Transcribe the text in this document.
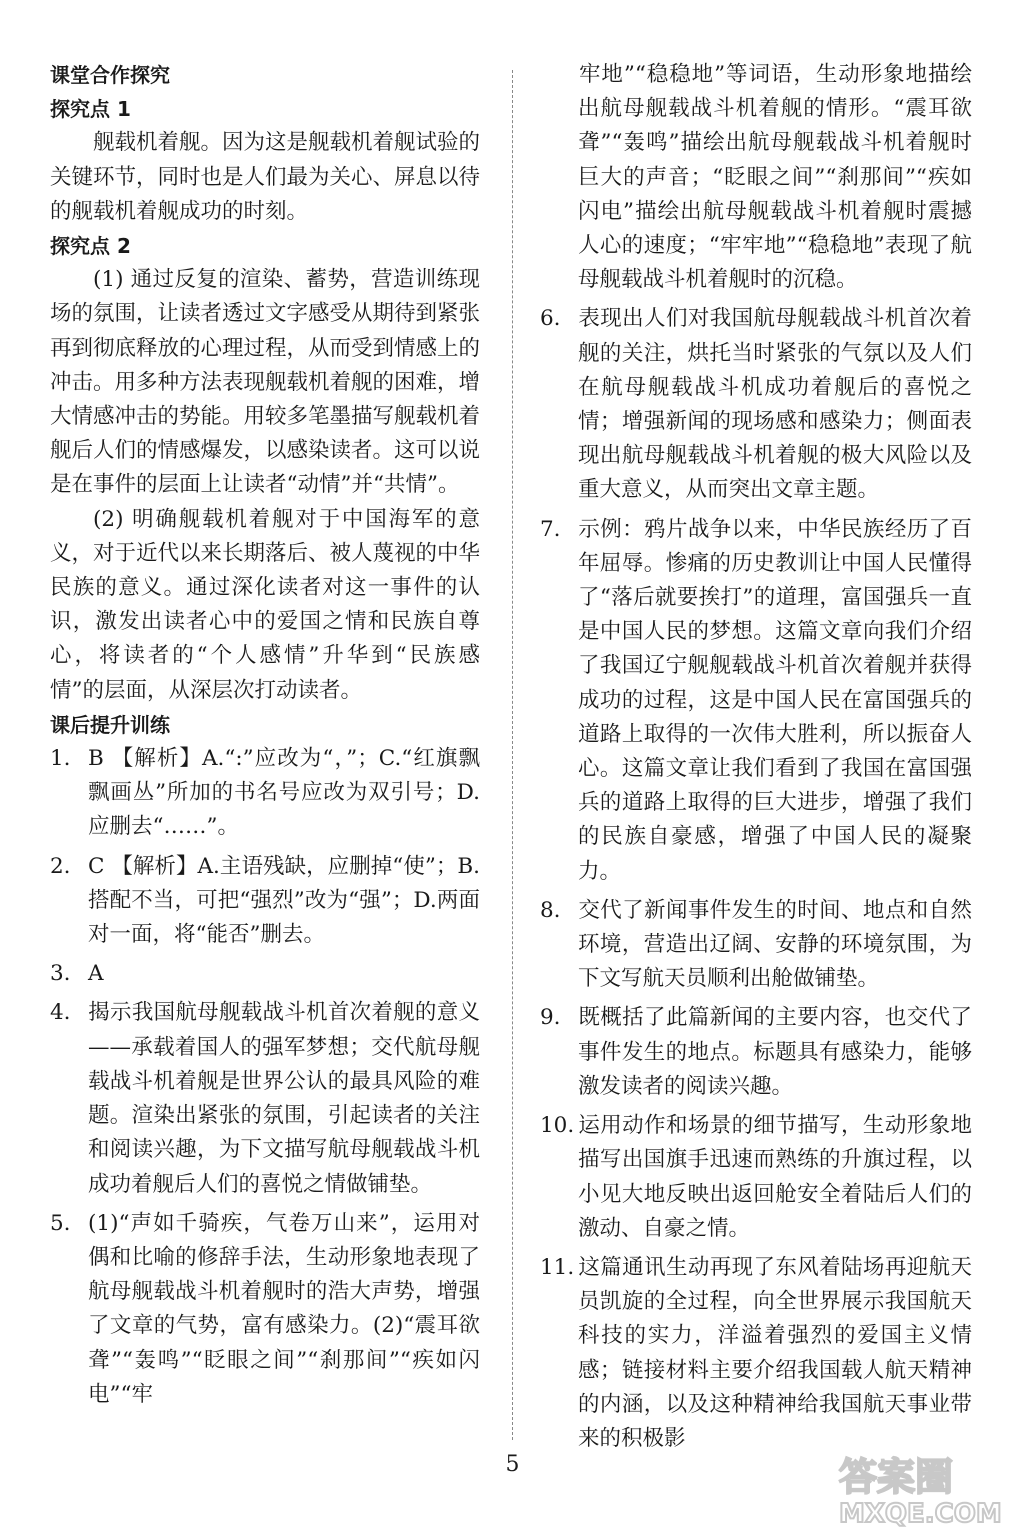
课堂合作探究
探究点 1
舰载机着舰。因为这是舰载机着舰试验的关键环节，同时也是人们最为关心、屏息以待的舰载机着舰成功的时刻。
探究点 2
(1) 通过反复的渲染、蓄势，营造训练现场的氛围，让读者透过文字感受从期待到紧张再到彻底释放的心理过程，从而受到情感上的冲击。用多种方法表现舰载机着舰的困难，增大情感冲击的势能。用较多笔墨描写舰载机着舰后人们的情感爆发，以感染读者。这可以说是在事件的层面上让读者“动情”并“共情”。
(2) 明确舰载机着舰对于中国海军的意义，对于近代以来长期落后、被人蔑视的中华民族的意义。通过深化读者对这一事件的认识，激发出读者心中的爱国之情和民族自尊心，将读者的“个人感情”升华到“民族感情”的层面，从深层次打动读者。
课后提升训练
1. B 【解析】A.“:”应改为“，”；C.“红旗飘飘画丛”所加的书名号应改为双引号；D.应删去“……”。
2. C 【解析】A.主语残缺，应删掉“使”；B.搭配不当，可把“强烈”改为“强”；D.两面对一面，将“能否”删去。
3. A
4. 揭示我国航母舰载战斗机首次着舰的意义——承载着国人的强军梦想；交代航母舰载战斗机着舰是世界公认的最具风险的难题。渲染出紧张的氛围，引起读者的关注和阅读兴趣，为下文描写航母舰载战斗机成功着舰后人们的喜悦之情做铺垫。
5. (1)“声如千骑疾，气卷万山来”，运用对偶和比喻的修辞手法，生动形象地表现了航母舰载战斗机着舰时的浩大声势，增强了文章的气势，富有感染力。(2)“震耳欲聋”“轰鸣”“眨眼之间”“刹那间”“疾如闪电”“牢
牢地”“稳稳地”等词语，生动形象地描绘出航母舰载战斗机着舰的情形。“震耳欲聋”“轰鸣”描绘出航母舰载战斗机着舰时巨大的声音；“眨眼之间”“刹那间”“疾如闪电”描绘出航母舰载战斗机着舰时震撼人心的速度；“牢牢地”“稳稳地”表现了航母舰载战斗机着舰时的沉稳。
6. 表现出人们对我国航母舰载战斗机首次着舰的关注，烘托当时紧张的气氛以及人们在航母舰载战斗机成功着舰后的喜悦之情；增强新闻的现场感和感染力；侧面表现出航母舰载战斗机着舰的极大风险以及重大意义，从而突出文章主题。
7. 示例：鸦片战争以来，中华民族经历了百年屈辱。惨痛的历史教训让中国人民懂得了“落后就要挨打”的道理，富国强兵一直是中国人民的梦想。这篇文章向我们介绍了我国辽宁舰舰载战斗机首次着舰并获得成功的过程，这是中国人民在富国强兵的道路上取得的一次伟大胜利，所以振奋人心。这篇文章让我们看到了我国在富国强兵的道路上取得的巨大进步，增强了我们的民族自豪感，增强了中国人民的凝聚力。
8. 交代了新闻事件发生的时间、地点和自然环境，营造出辽阔、安静的环境氛围，为下文写航天员顺利出舱做铺垫。
9. 既概括了此篇新闻的主要内容，也交代了事件发生的地点。标题具有感染力，能够激发读者的阅读兴趣。
10. 运用动作和场景的细节描写，生动形象地描写出国旗手迅速而熟练的升旗过程，以小见大地反映出返回舱安全着陆后人们的激动、自豪之情。
11. 这篇通讯生动再现了东风着陆场再迎航天员凯旋的全过程，向全世界展示我国航天科技的实力，洋溢着强烈的爱国主义情感；链接材料主要介绍我国载人航天精神的内涵，以及这种精神给我国航天事业带来的积极影
5	答案圈
MXQE.COM
